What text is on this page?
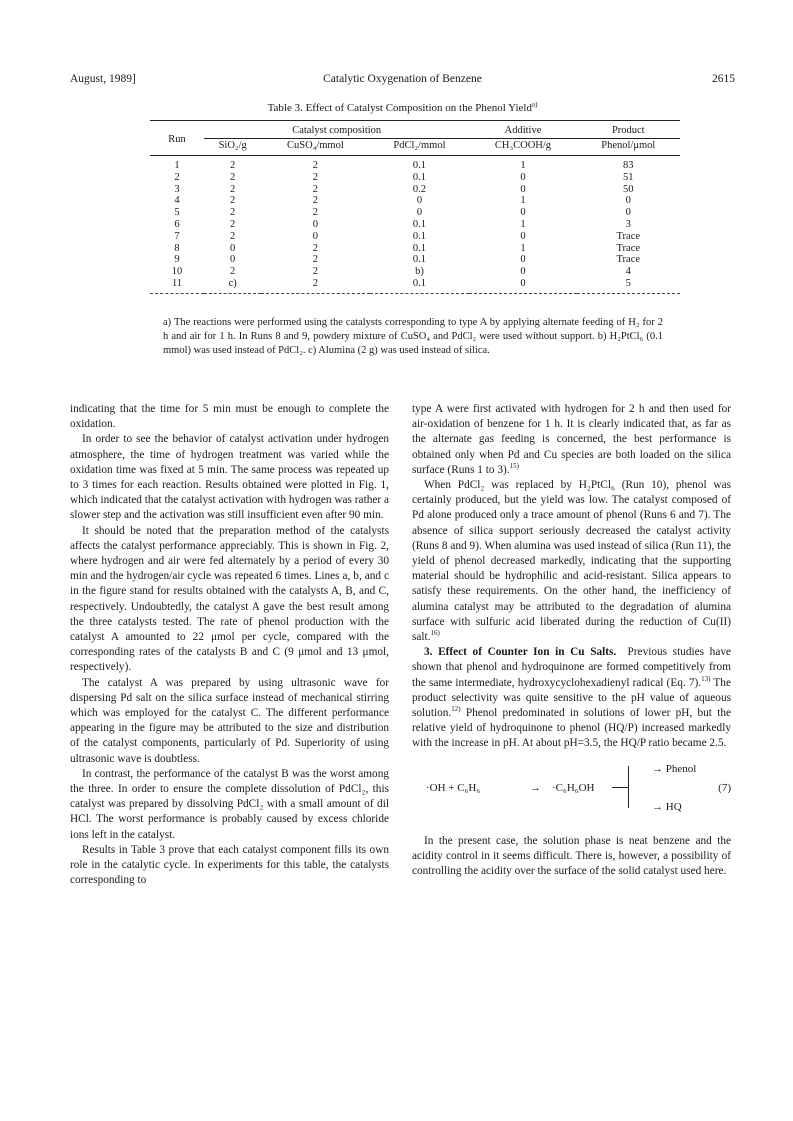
August, 1989]	Catalytic Oxygenation of Benzene	2615
Table 3. Effect of Catalyst Composition on the Phenol Yield$^{a)}$
Run	Catalyst composition			Additive	Product
	SiO₂/g	CuSO₄/mmol	PdCl₂/mmol	CH₃COOH/g	Phenol/μmol
1	2	2	0.1	1	83
2	2	2	0.1	0	51
3	2	2	0.2	0	50
4	2	2	0	1	0
5	2	2	0	0	0
6	2	0	0.1	1	3
7	2	0	0.1	0	Trace
8	0	2	0.1	1	Trace
9	0	2	0.1	0	Trace
10	2	2	b)	0	4
11	c)	2	0.1	0	5
a) The reactions were performed using the catalysts corresponding to type A by applying alternate feeding of H₂ for 2 h and air for 1 h. In Runs 8 and 9, powdery mixture of CuSO₄ and PdCl₂ were used without support. b) H₂PtCl₆ (0.1 mmol) was used instead of PdCl₂. c) Alumina (2 g) was used instead of silica.

indicating that the time for 5 min must be enough to complete the oxidation.

In order to see the behavior of catalyst activation under hydrogen atmosphere, the time of hydrogen treatment was varied while the oxidation time was fixed at 5 min. The same process was repeated up to 3 times for each reaction. Results obtained were plotted in Fig. 1, which indicated that the catalyst activation with hydrogen was rather a slower step and the activation was still insufficient even after 90 min.

It should be noted that the preparation method of the catalysts affects the catalyst performance appreciably. This is shown in Fig. 2, where hydrogen and air were fed alternately by a period of every 30 min and the hydrogen/air cycle was repeated 6 times. Lines a, b, and c in the figure stand for results obtained with the catalysts A, B, and C, respectively. Undoubtedly, the catalyst A gave the best result among the three catalysts tested. The rate of phenol production with the catalyst A amounted to 22 μmol per cycle, compared with the corresponding rates of the catalysts B and C (9 μmol and 13 μmol, respectively).

The catalyst A was prepared by using ultrasonic wave for dispersing Pd salt on the silica surface instead of mechanical stirring which was employed for the catalyst C. The different performance appearing in the figure may be attributed to the size and distribution of the catalyst components, particularly of Pd. Superiority of using ultrasonic wave is doubtless.

In contrast, the performance of the catalyst B was the worst among the three. In order to ensure the complete dissolution of PdCl₂, this catalyst was prepared by dissolving PdCl₂ with a small amount of dil HCl. The worst performance is probably caused by excess chloride ions left in the catalyst.

Results in Table 3 prove that each catalyst component fills its own role in the catalytic cycle. In experiments for this table, the catalysts corresponding to

type A were first activated with hydrogen for 2 h and then used for air-oxidation of benzene for 1 h. It is clearly indicated that, as far as the alternate gas feeding is concerned, the best performance is obtained only when Pd and Cu species are both loaded on the silica surface (Runs 1 to 3).$^{15)}$

When PdCl₂ was replaced by H₂PtCl₆ (Run 10), phenol was certainly produced, but the yield was low. The catalyst composed of Pd alone produced only a trace amount of phenol (Runs 6 and 7). The absence of silica support seriously decreased the catalyst activity (Runs 8 and 9). When alumina was used instead of silica (Run 11), the yield of phenol decreased markedly, indicating that the supporting material should be hydrophilic and acid-resistant. Silica appears to satisfy these requirements. On the other hand, the inefficiency of alumina catalyst may be attributed to the degradation of alumina surface with sulfuric acid liberated during the reduction of Cu(II) salt.$^{16)}$

3. Effect of Counter Ion in Cu Salts. Previous studies have shown that phenol and hydroquinone are formed competitively from the same intermediate, hydroxycyclohexadienyl radical (Eq. 7).$^{13)}$ The product selectivity was quite sensitive to the pH value of aqueous solution.$^{12)}$ Phenol predominated in solutions of lower pH, but the relative yield of hydroquinone to phenol (HQ/P) increased markedly with the increase in pH. At about pH=3.5, the HQ/P ratio became 2.5.

·OH + C₆H₆	→ ·C₆H₆OH
→ Phenol
→ HQ
(7)

In the present case, the solution phase is neat benzene and the acidity control in it seems difficult. There is, however, a possibility of controlling the acidity over the surface of the solid catalyst used here.
